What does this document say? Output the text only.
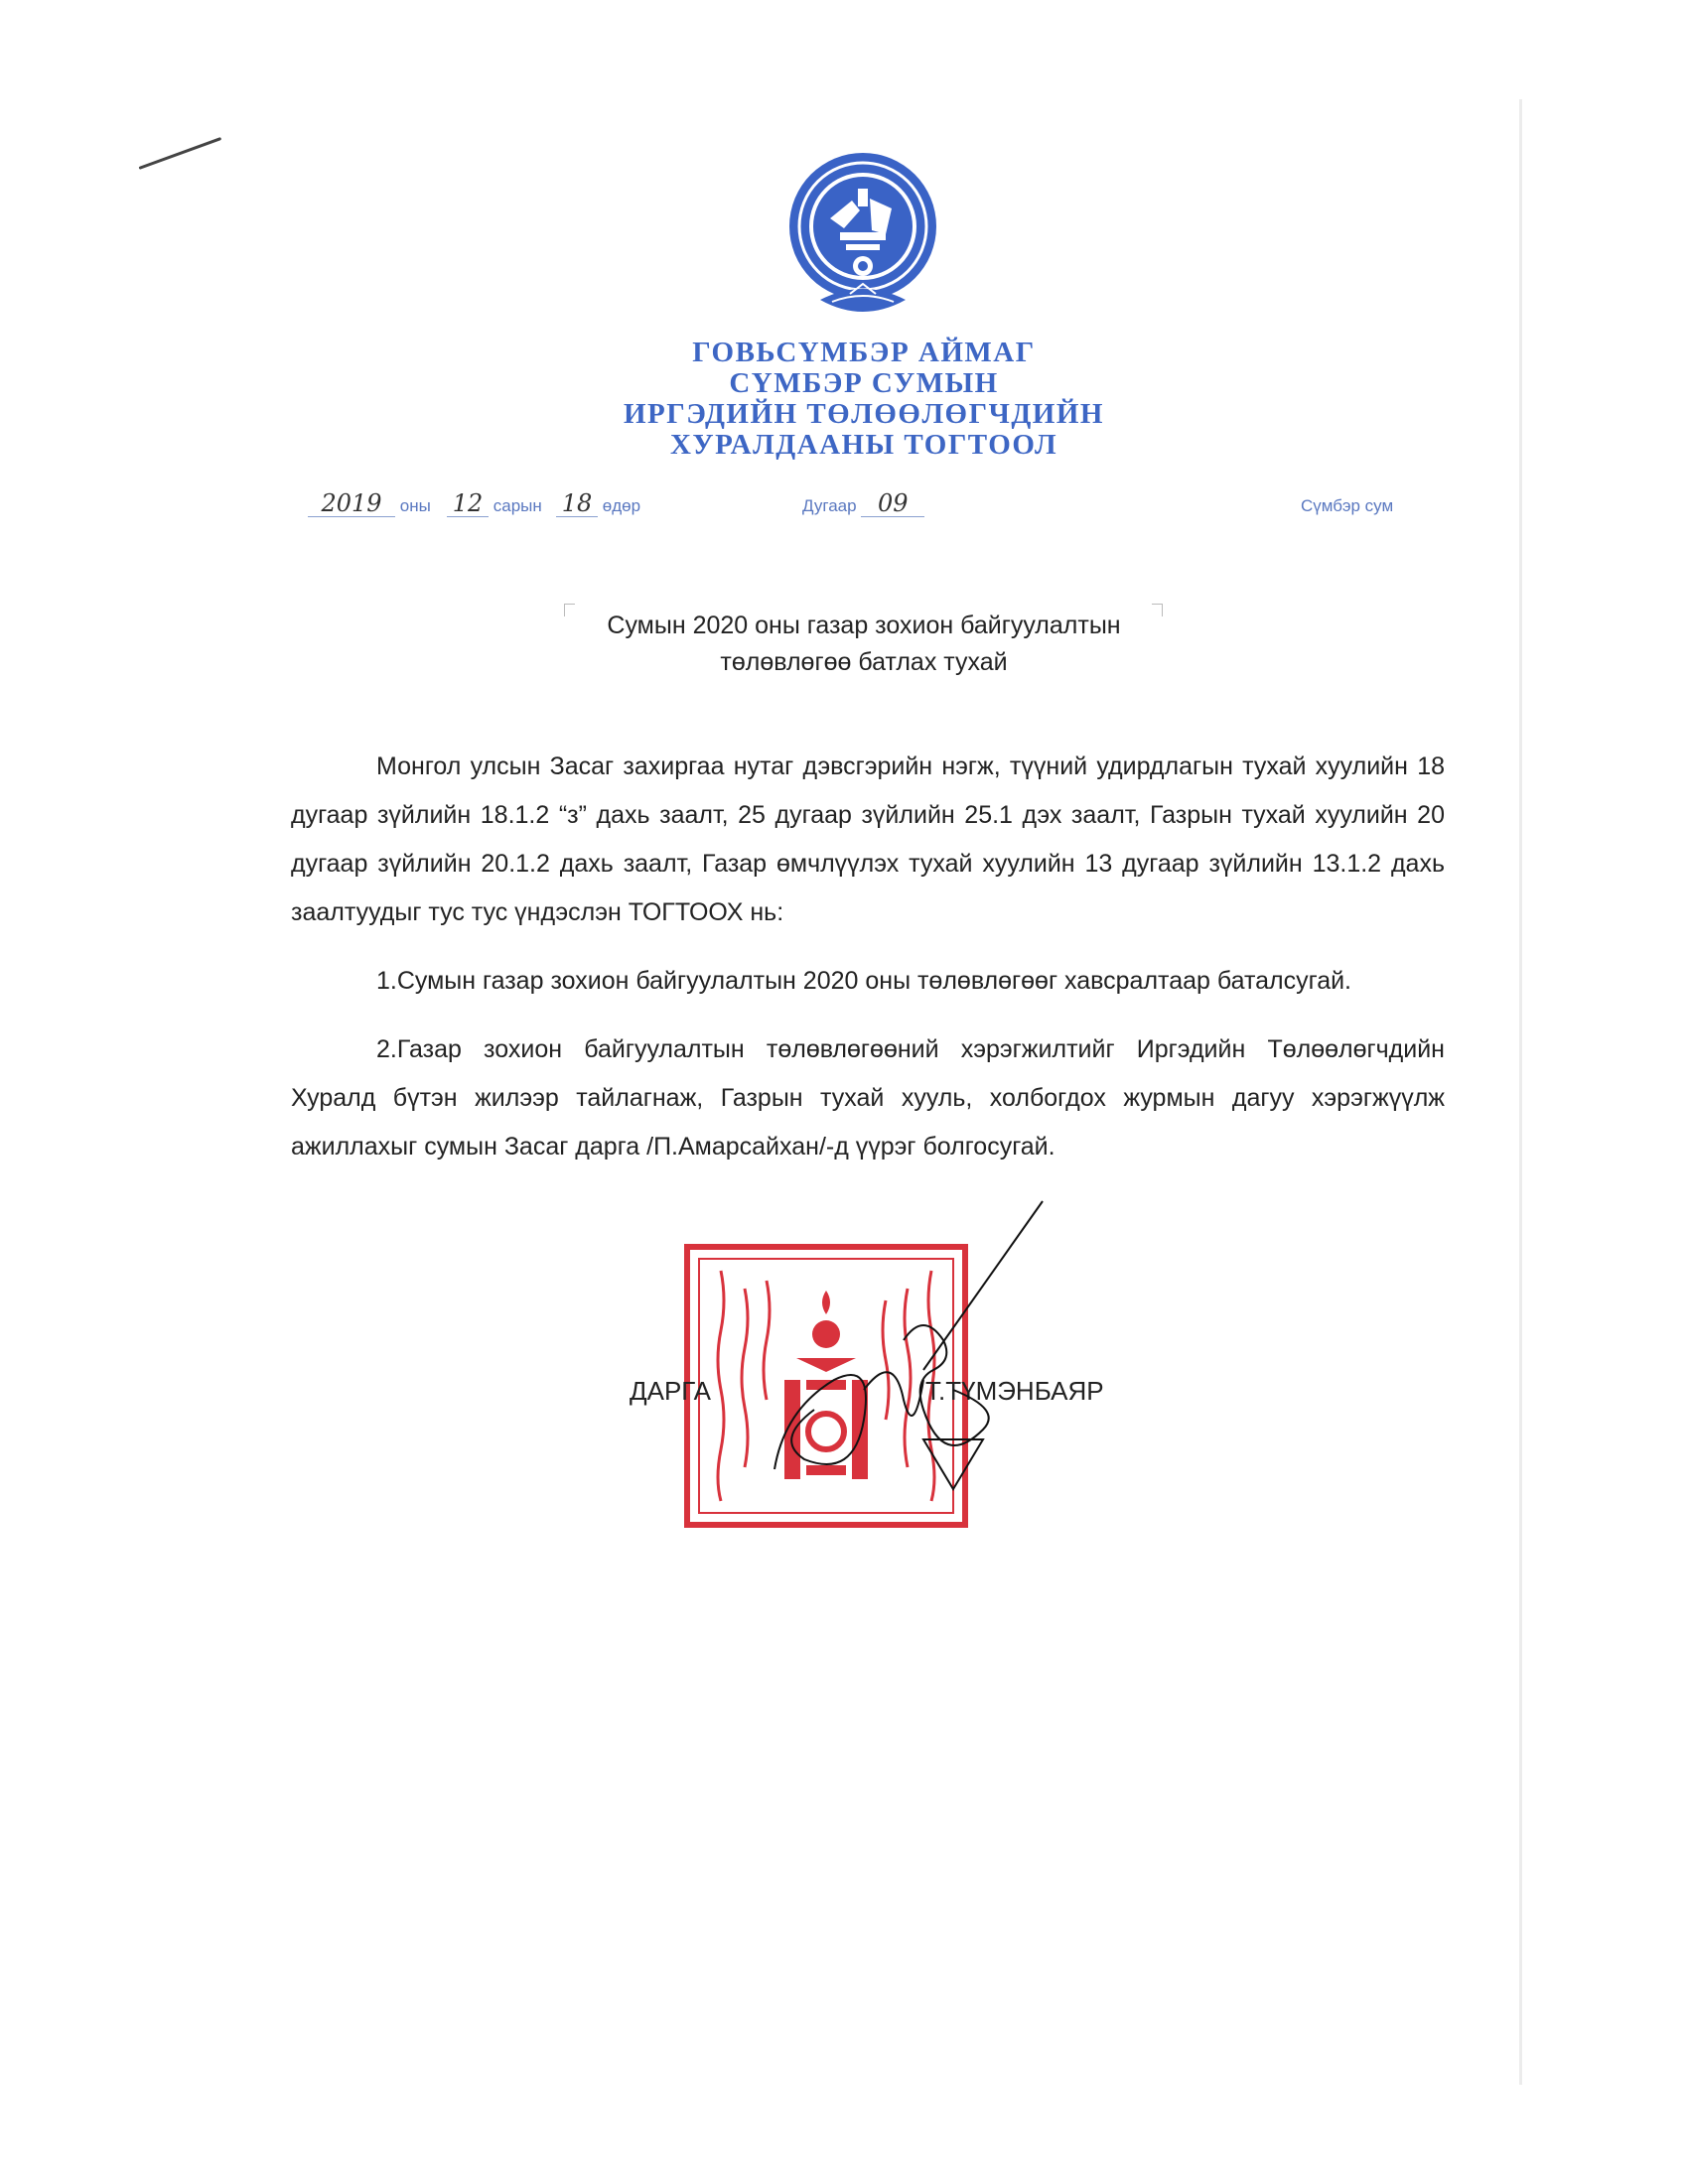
ГОВЬСҮМБЭР АЙМАГ
СҮМБЭР СУМЫН
ИРГЭДИЙН ТӨЛӨӨЛӨГЧДИЙН
ХУРАЛДААНЫ ТОГТООЛ
2019 оны 12 сарын 18 өдөр	Дугаар 09	Сүмбэр сум
Сумын 2020 оны газар зохион байгуулалтын
төлөвлөгөө батлах тухай

Монгол улсын Засаг захиргаа нутаг дэвсгэрийн нэгж, түүний удирдлагын тухай хуулийн 18 дугаар зүйлийн 18.1.2 “з” дахь заалт, 25 дугаар зүйлийн 25.1 дэх заалт, Газрын тухай хуулийн 20 дугаар зүйлийн 20.1.2 дахь заалт, Газар өмчлүүлэх тухай хуулийн 13 дугаар зүйлийн 13.1.2 дахь заалтуудыг тус тус үндэслэн ТОГТООХ нь:

1.Сумын газар зохион байгуулалтын 2020 оны төлөвлөгөөг хавсралтаар баталсугай.

2.Газар зохион байгуулалтын төлөвлөгөөний хэрэгжилтийг Иргэдийн Төлөөлөгчдийн Хуралд бүтэн жилээр тайлагнаж, Газрын тухай хууль, холбогдох журмын дагуу хэрэгжүүлж ажиллахыг сумын Засаг дарга /П.Амарсайхан/-д үүрэг болгосугай.

ДАРГА	Т.ТҮМЭНБАЯР
